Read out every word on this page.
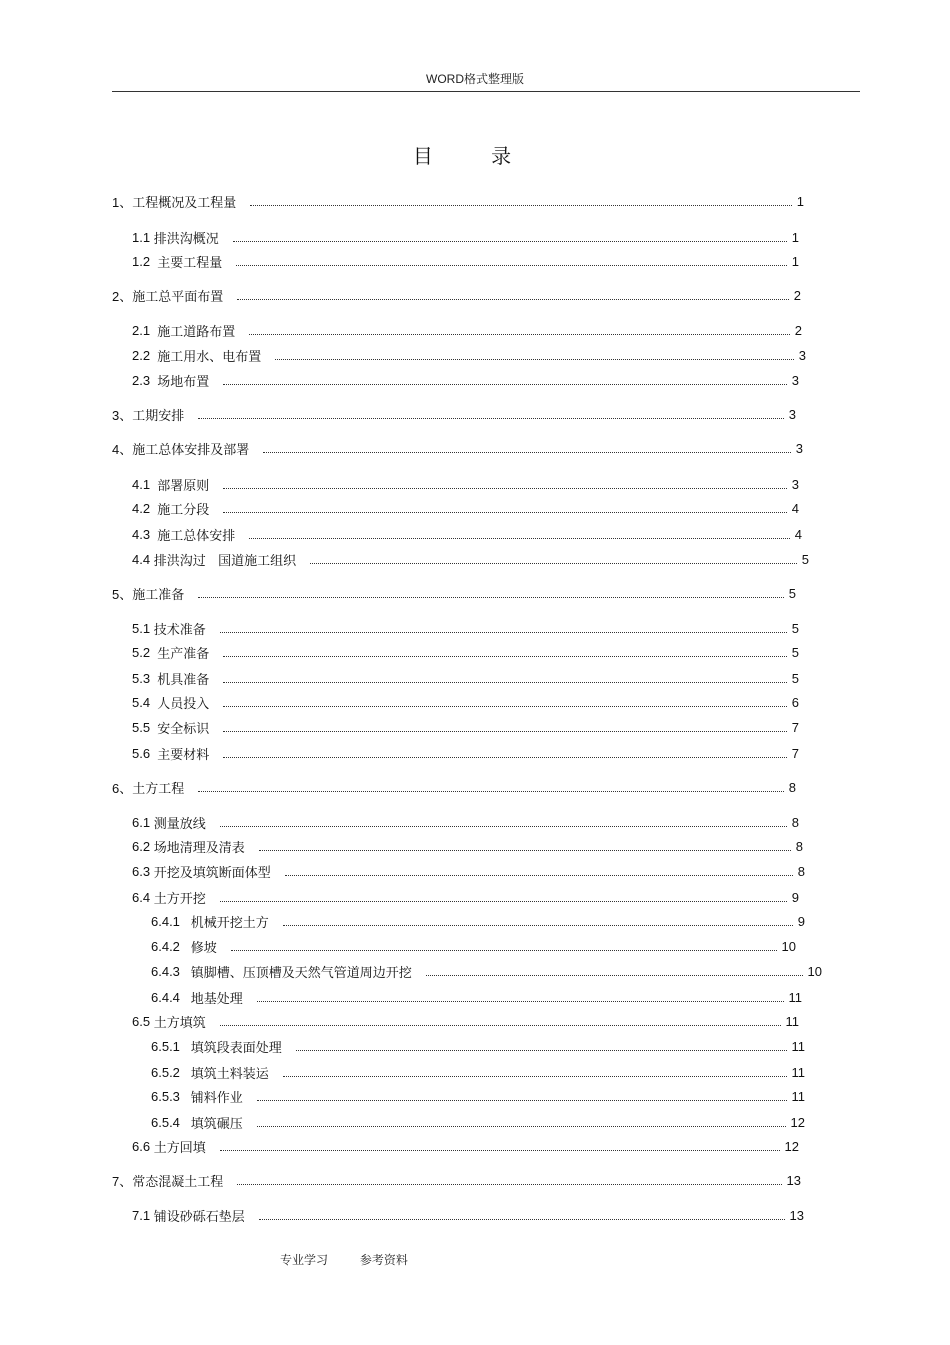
WORD格式整理版
目 录
1、 工程概况及工程量	1
1.1 排洪沟概况	1
1.2 主要工程量	1
2、 施工总平面布置	2
2.1 施工道路布置	2
2.2 施工用水、电布置	3
2.3 场地布置	3
3、 工期安排	3
4、 施工总体安排及部署	3
4.1 部署原则	3
4.2 施工分段	4
4.3 施工总体安排	4
4.4 排洪沟过   国道施工组织	5
5、 施工准备	5
5.1 技术准备	5
5.2 生产准备	5
5.3 机具准备	5
5.4 人员投入	6
5.5 安全标识	7
5.6 主要材料	7
6、 土方工程	8
6.1 测量放线	8
6.2 场地清理及清表	8
6.3 开挖及填筑断面体型	8
6.4 土方开挖	9
6.4.1 机械开挖土方	9
6.4.2 修坡	10
6.4.3 镇脚槽、压顶槽及天然气管道周边开挖	10
6.4.4 地基处理	11
6.5 土方填筑	11
6.5.1 填筑段表面处理	11
6.5.2 填筑土料装运	11
6.5.3 铺料作业	11
6.5.4 填筑碾压	12
6.6 土方回填	12
7、 常态混凝土工程	13
7.1 铺设砂砾石垫层	13
专业学习	参考资料
